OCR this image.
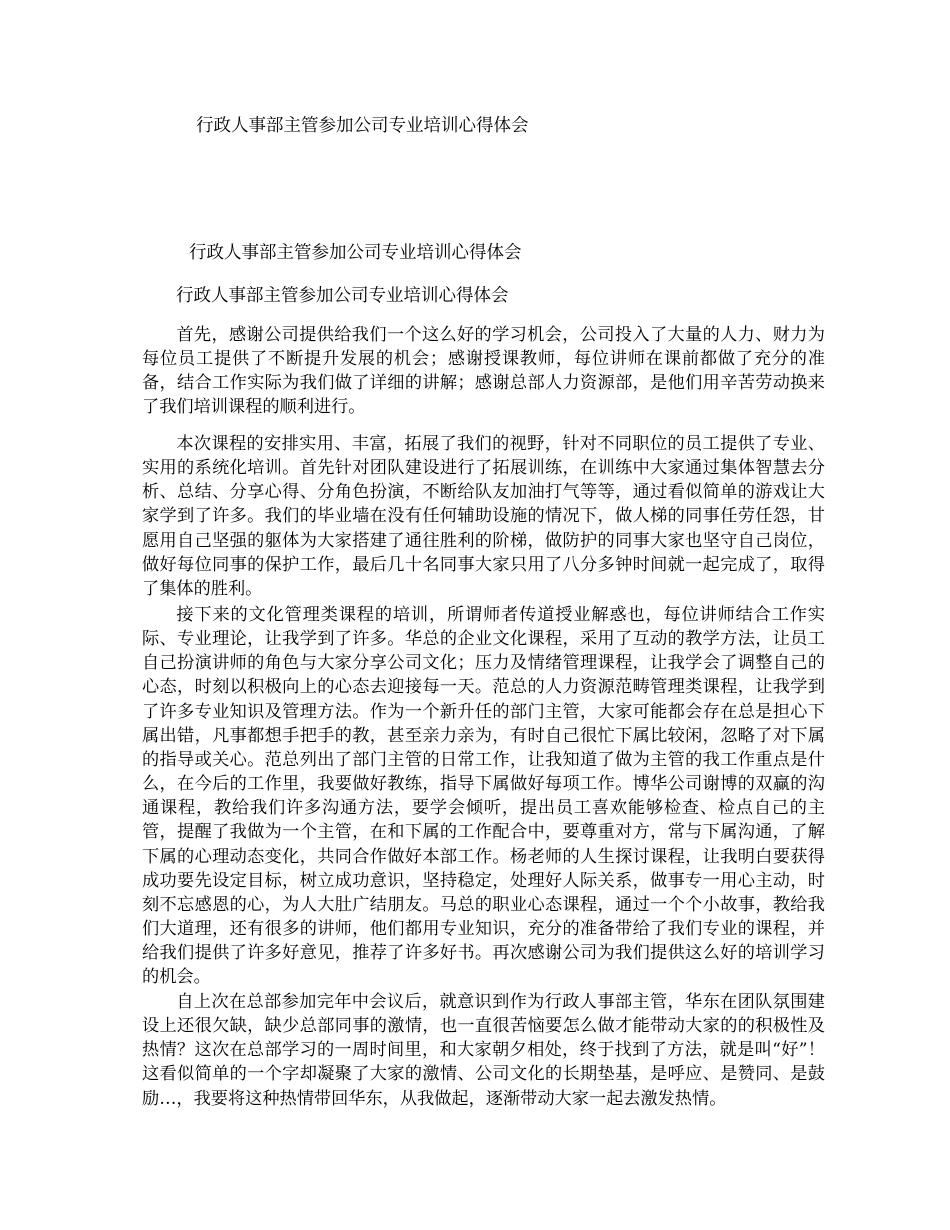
行政人事部主管参加公司专业培训心得体会
行政人事部主管参加公司专业培训心得体会
行政人事部主管参加公司专业培训心得体会

首先，感谢公司提供给我们一个这么好的学习机会，公司投入了大量的人力、财力为每位员工提供了不断提升发展的机会；感谢授课教师，每位讲师在课前都做了充分的准备，结合工作实际为我们做了详细的讲解；感谢总部人力资源部，是他们用辛苦劳动换来了我们培训课程的顺利进行。

本次课程的安排实用、丰富，拓展了我们的视野，针对不同职位的员工提供了专业、实用的系统化培训。首先针对团队建设进行了拓展训练，在训练中大家通过集体智慧去分析、总结、分享心得、分角色扮演，不断给队友加油打气等等，通过看似简单的游戏让大家学到了许多。我们的毕业墙在没有任何辅助设施的情况下，做人梯的同事任劳任怨，甘愿用自己坚强的躯体为大家搭建了通往胜利的阶梯，做防护的同事大家也坚守自己岗位，做好每位同事的保护工作，最后几十名同事大家只用了八分多钟时间就一起完成了，取得了集体的胜利。

接下来的文化管理类课程的培训，所谓师者传道授业解惑也，每位讲师结合工作实际、专业理论，让我学到了许多。华总的企业文化课程，采用了互动的教学方法，让员工自己扮演讲师的角色与大家分享公司文化；压力及情绪管理课程，让我学会了调整自己的心态，时刻以积极向上的心态去迎接每一天。范总的人力资源范畴管理类课程，让我学到了许多专业知识及管理方法。作为一个新升任的部门主管，大家可能都会存在总是担心下属出错，凡事都想手把手的教，甚至亲力亲为，有时自己很忙下属比较闲，忽略了对下属的指导或关心。范总列出了部门主管的日常工作，让我知道了做为主管的我工作重点是什么，在今后的工作里，我要做好教练，指导下属做好每项工作。博华公司谢博的双赢的沟通课程，教给我们许多沟通方法，要学会倾听，提出员工喜欢能够检查、检点自己的主管，提醒了我做为一个主管，在和下属的工作配合中，要尊重对方，常与下属沟通，了解下属的心理动态变化，共同合作做好本部工作。杨老师的人生探讨课程，让我明白要获得成功要先设定目标，树立成功意识，坚持稳定，处理好人际关系，做事专一用心主动，时刻不忘感恩的心，为人大肚广结朋友。马总的职业心态课程，通过一个个小故事，教给我们大道理，还有很多的讲师，他们都用专业知识，充分的准备带给了我们专业的课程，并给我们提供了许多好意见，推荐了许多好书。再次感谢公司为我们提供这么好的培训学习的机会。

自上次在总部参加完年中会议后，就意识到作为行政人事部主管，华东在团队氛围建设上还很欠缺，缺少总部同事的激情，也一直很苦恼要怎么做才能带动大家的的积极性及热情？这次在总部学习的一周时间里，和大家朝夕相处，终于找到了方法，就是叫“好”！这看似简单的一个字却凝聚了大家的激情、公司文化的长期垫基，是呼应、是赞同、是鼓励…，我要将这种热情带回华东，从我做起，逐渐带动大家一起去激发热情。
